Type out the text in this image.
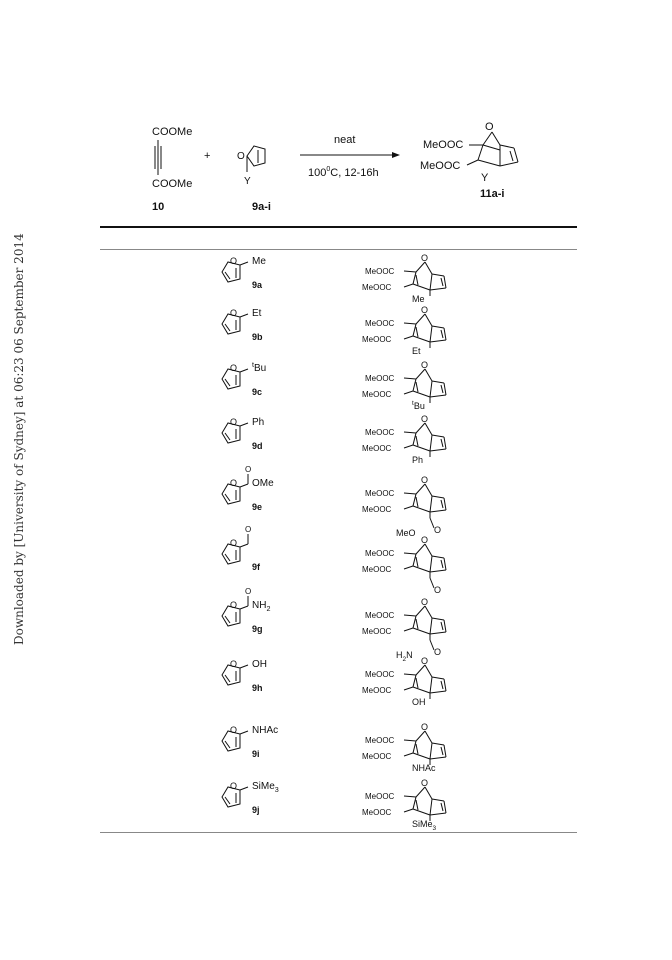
Downloaded by [University of Sydney] at 06:23 06 September 2014
COOMe
COOMe
10
+	O
Y
9a-i
neat
$100^0C$, 12-16h
O
MeOOC
MeOOC
Y
11a-i
O Me
9a
O
MeOOC
MeOOC
Me
O Et
9b
O
MeOOC
MeOOC
Et
O $^t$Bu
9c
O
MeOOC
MeOOC
$^t$Bu
O Ph
9d
O
MeOOC
MeOOC
Ph
O
O
OMe
9e
O
MeOOC
MeOOC
O
MeO
O
O
9f
O
MeOOC
MeOOC
O
O
O
$NH_2$
9g
O
MeOOC
MeOOC
O
$H_2N$
O OH
9h
O
MeOOC
MeOOC
OH
O NHAc
9i
O
MeOOC
MeOOC
NHAc
O SiMe$_3$
9j
O
MeOOC
MeOOC
SiMe$_3$
